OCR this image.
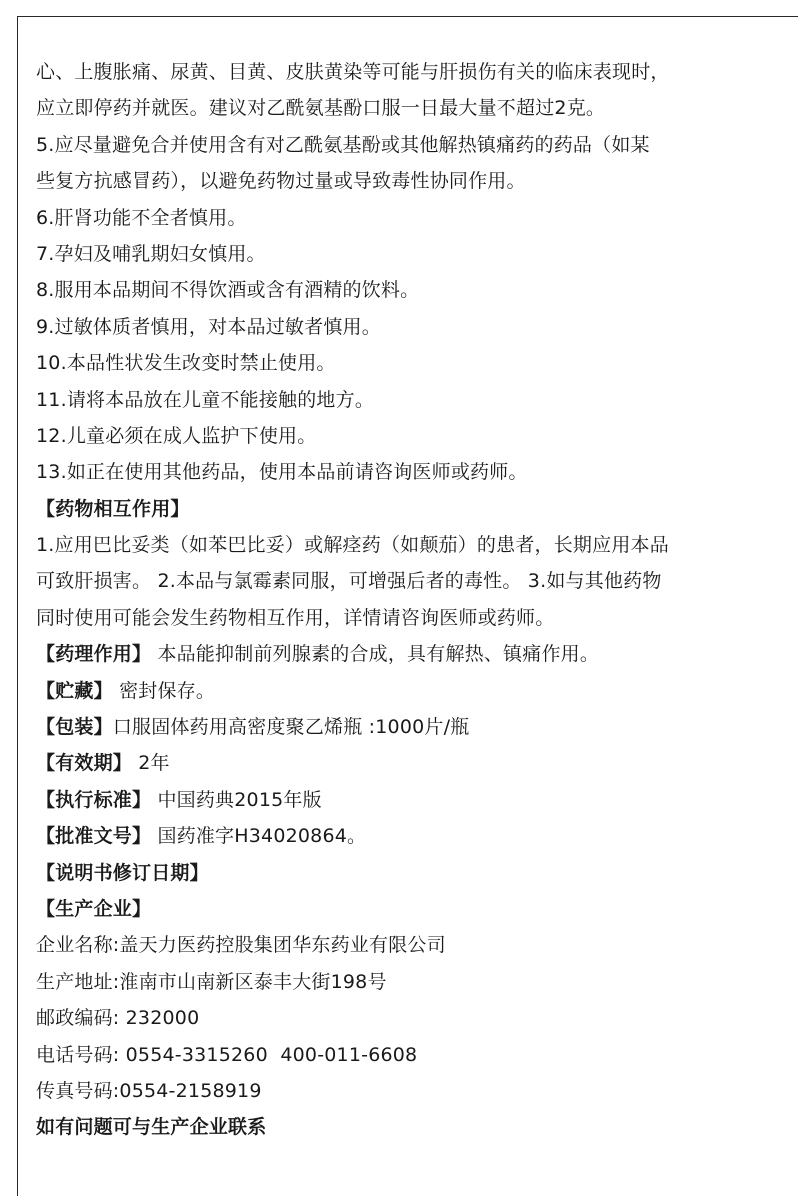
心、上腹胀痛、尿黄、目黄、皮肤黄染等可能与肝损伤有关的临床表现时，
应立即停药并就医。建议对乙酰氨基酚口服一日最大量不超过2克。
5.应尽量避免合并使用含有对乙酰氨基酚或其他解热镇痛药的药品（如某
些复方抗感冒药），以避免药物过量或导致毒性协同作用。
6.肝肾功能不全者慎用。
7.孕妇及哺乳期妇女慎用。
8.服用本品期间不得饮酒或含有酒精的饮料。
9.过敏体质者慎用，对本品过敏者慎用。
10.本品性状发生改变时禁止使用。
11.请将本品放在儿童不能接触的地方。
12.儿童必须在成人监护下使用。
13.如正在使用其他药品，使用本品前请咨询医师或药师。
【药物相互作用】
1.应用巴比妥类（如苯巴比妥）或解痉药（如颠茄）的患者，长期应用本品
可致肝损害。 2.本品与氯霉素同服，可增强后者的毒性。 3.如与其他药物
同时使用可能会发生药物相互作用，详情请咨询医师或药师。
【药理作用】 本品能抑制前列腺素的合成，具有解热、镇痛作用。
【贮藏】 密封保存。
【包装】口服固体药用高密度聚乙烯瓶 :1000片/瓶
【有效期】 2年
【执行标准】 中国药典2015年版
【批准文号】 国药准字H34020864。
【说明书修订日期】
【生产企业】
企业名称:盖天力医药控股集团华东药业有限公司
生产地址:淮南市山南新区泰丰大街198号
邮政编码: 232000
电话号码: 0554-3315260  400-011-6608
传真号码:0554-2158919
如有问题可与生产企业联系
